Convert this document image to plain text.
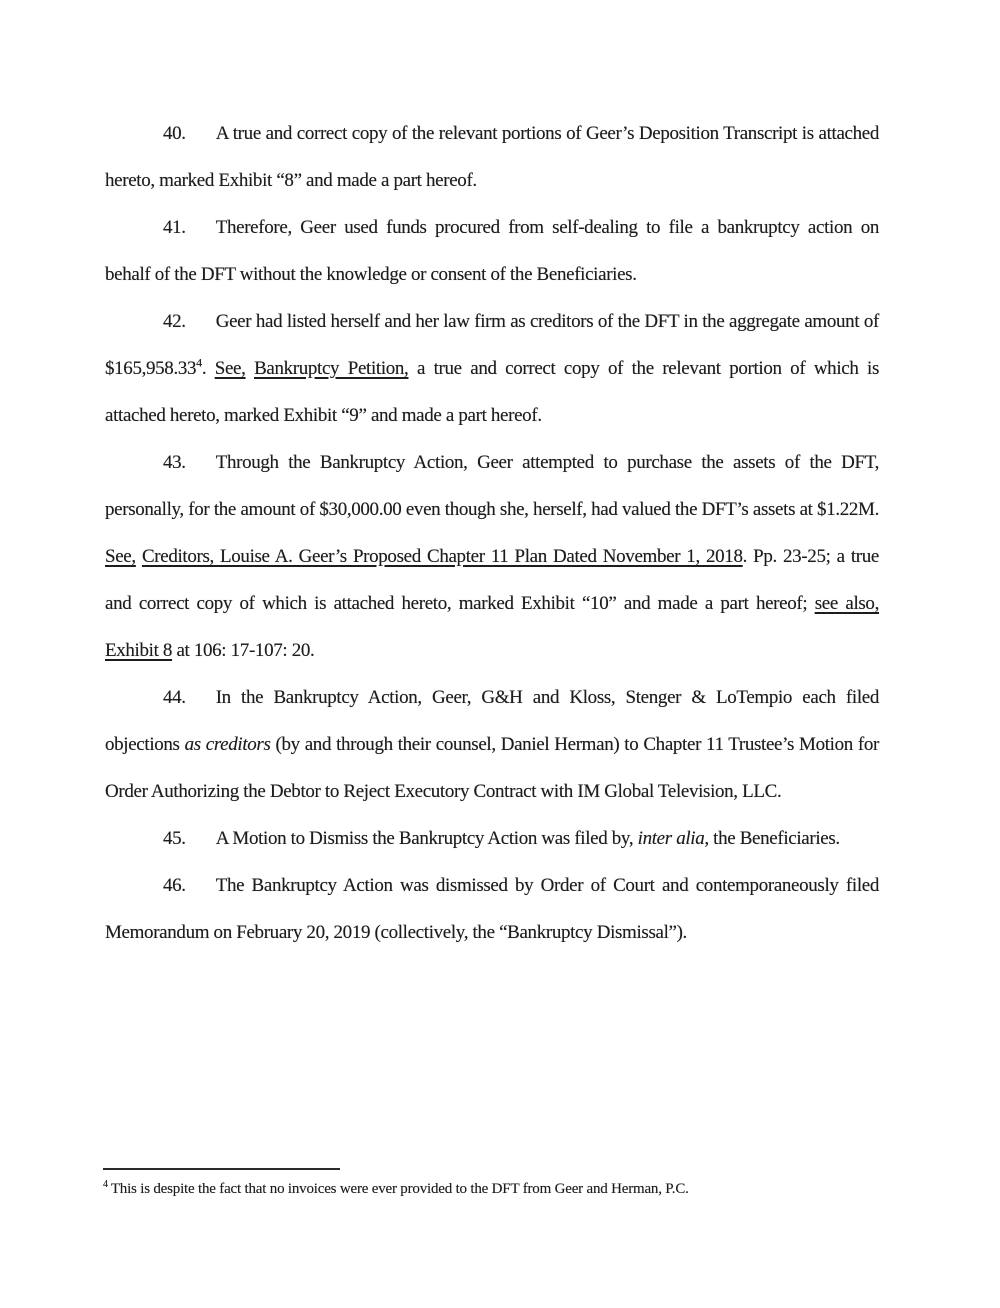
40. A true and correct copy of the relevant portions of Geer’s Deposition Transcript is attached hereto, marked Exhibit “8” and made a part hereof.

41. Therefore, Geer used funds procured from self-dealing to file a bankruptcy action on behalf of the DFT without the knowledge or consent of the Beneficiaries.

42. Geer had listed herself and her law firm as creditors of the DFT in the aggregate amount of $165,958.33$^4$. See, Bankruptcy Petition, a true and correct copy of the relevant portion of which is attached hereto, marked Exhibit “9” and made a part hereof.

43. Through the Bankruptcy Action, Geer attempted to purchase the assets of the DFT, personally, for the amount of $30,000.00 even though she, herself, had valued the DFT’s assets at $1.22M. See, Creditors, Louise A. Geer’s Proposed Chapter 11 Plan Dated November 1, 2018. Pp. 23-25; a true and correct copy of which is attached hereto, marked Exhibit “10” and made a part hereof; see also, Exhibit 8 at 106: 17-107: 20.

44. In the Bankruptcy Action, Geer, G&H and Kloss, Stenger & LoTempio each filed objections as creditors (by and through their counsel, Daniel Herman) to Chapter 11 Trustee’s Motion for Order Authorizing the Debtor to Reject Executory Contract with IM Global Television, LLC.

45. A Motion to Dismiss the Bankruptcy Action was filed by, inter alia, the Beneficiaries.

46. The Bankruptcy Action was dismissed by Order of Court and contemporaneously filed Memorandum on February 20, 2019 (collectively, the “Bankruptcy Dismissal”).

$^4$ This is despite the fact that no invoices were ever provided to the DFT from Geer and Herman, P.C.
